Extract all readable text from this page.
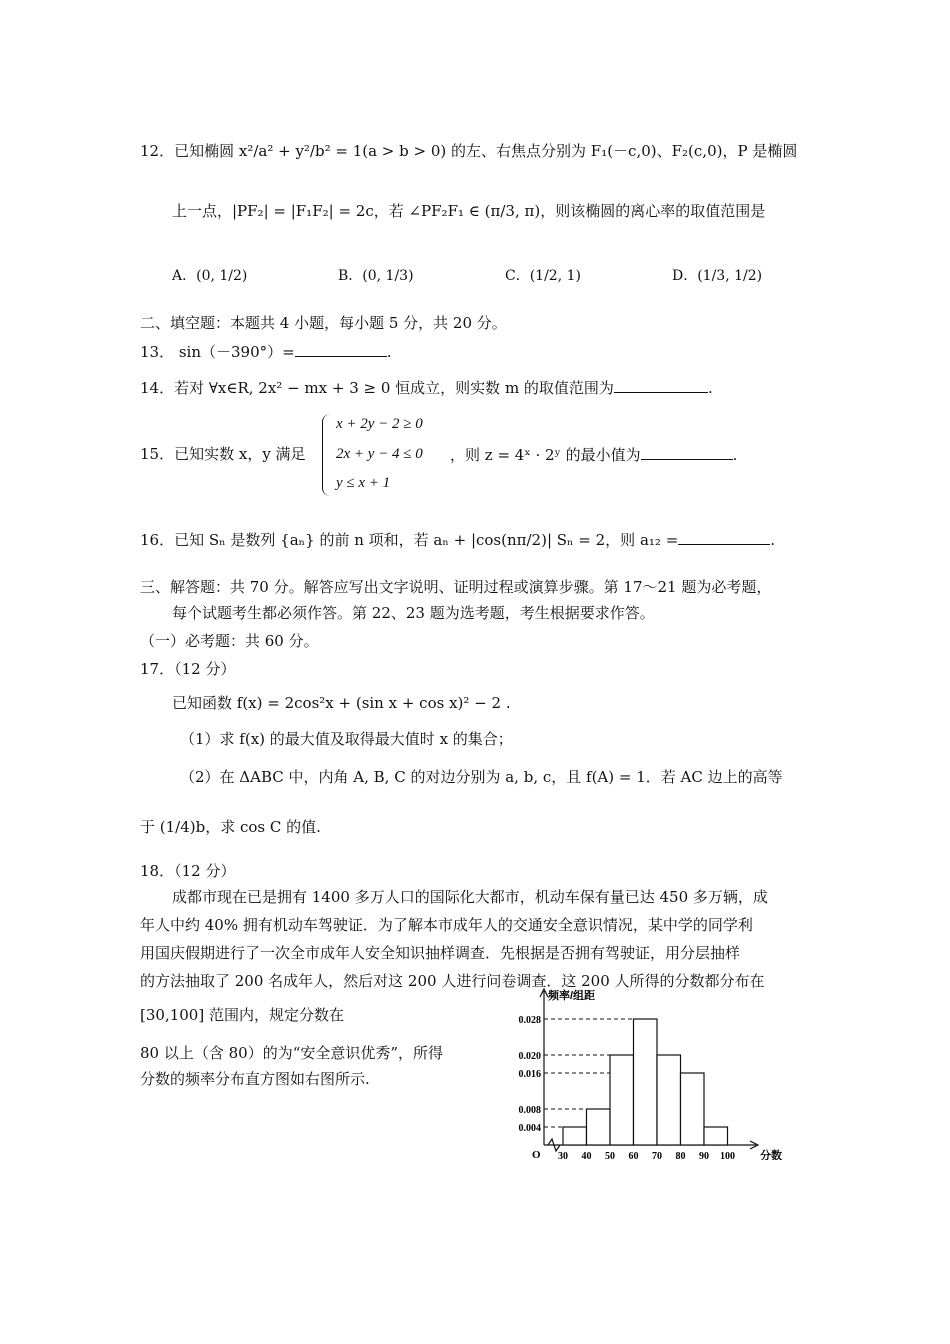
12．已知椭圆 x²/a² + y²/b² = 1(a > b > 0) 的左、右焦点分别为 F₁(－c,0)、F₂(c,0)，P 是椭圆
上一点，|PF₂| = |F₁F₂| = 2c，若 ∠PF₂F₁ ∈ (π/3, π)，则该椭圆的离心率的取值范围是
A．(0, 1/2)	B．(0, 1/3)	C．(1/2, 1)	D．(1/3, 1/2)
二、填空题：本题共 4 小题，每小题 5 分，共 20 分。
13． sin（－390°）=	.
14．若对 ∀x∈R, 2x² − mx + 3 ≥ 0 恒成立，则实数 m 的取值范围为	.
15．已知实数 x，y 满足
x + 2y − 2 ≥ 0
2x + y − 4 ≤ 0
y ≤ x + 1
，则 z = 4ˣ · 2ʸ 的最小值为	.
16．已知 Sₙ 是数列 {aₙ} 的前 n 项和，若 aₙ + |cos(nπ/2)| Sₙ = 2，则 a₁₂ =	.
三、解答题：共 70 分。解答应写出文字说明、证明过程或演算步骤。第 17～21 题为必考题，
每个试题考生都必须作答。第 22、23 题为选考题，考生根据要求作答。
（一）必考题：共 60 分。
17．（12 分）
已知函数 f(x) = 2cos²x + (sin x + cos x)² − 2 .
（1）求 f(x) 的最大值及取得最大值时 x 的集合；
（2）在 ΔABC 中，内角 A, B, C 的对边分别为 a, b, c，且 f(A) = 1．若 AC 边上的高等
于 (1/4)b，求 cos C 的值.
18．（12 分）
成都市现在已是拥有 1400 多万人口的国际化大都市，机动车保有量已达 450 多万辆，成
年人中约 40% 拥有机动车驾驶证．为了解本市成年人的交通安全意识情况，某中学的同学利
用国庆假期进行了一次全市成年人安全知识抽样调查．先根据是否拥有驾驶证，用分层抽样
的方法抽取了 200 名成年人，然后对这 200 人进行问卷调查．这 200 人所得的分数都分布在
[30,100] 范围内，规定分数在
80 以上（含 80）的为“安全意识优秀”，所得
分数的频率分布直方图如右图所示.
0.004
0.008
0.016
0.020
0.028
30 40 50 60 70 80 90 100
O
频率/组距
分数
